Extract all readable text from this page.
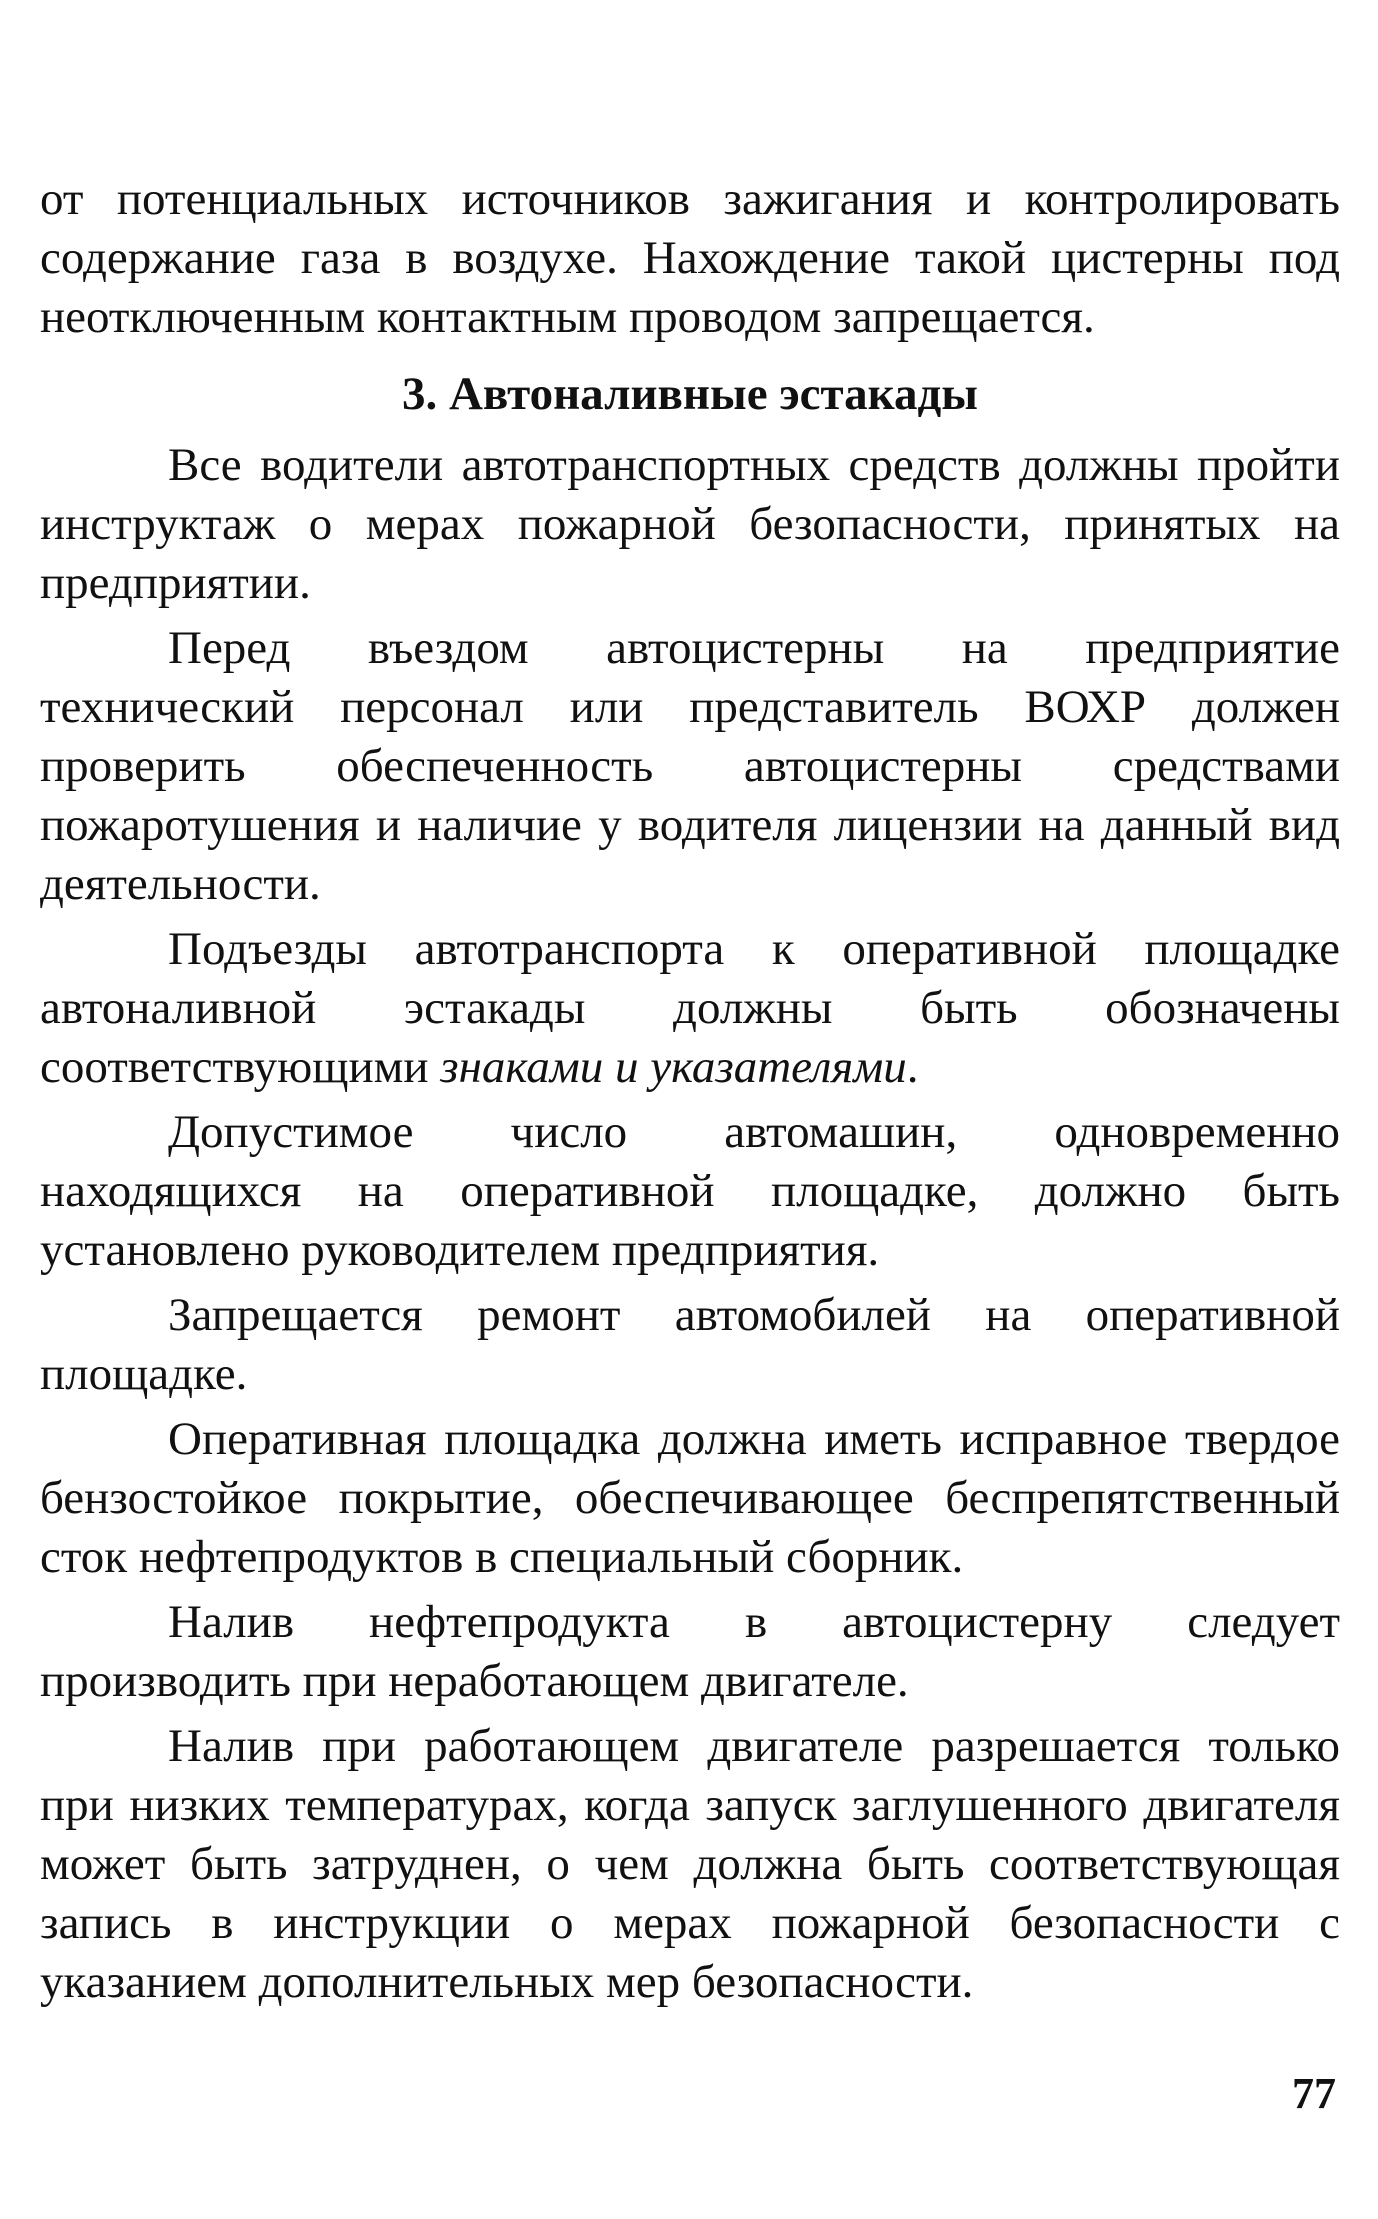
от потенциальных источников зажигания и контролировать содержание газа в воздухе. Нахождение такой цистерны под неотключенным контактным проводом запрещается.

3. Автоналивные эстакады

Все водители автотранспортных средств должны пройти инструктаж о мерах пожарной безопасности, принятых на предприятии.

Перед въездом автоцистерны на предприятие технический персонал или представитель ВОХР должен проверить обеспеченность автоцистерны средствами пожаротушения и наличие у водителя лицензии на данный вид деятельности.

Подъезды автотранспорта к оперативной площадке автоналивной эстакады должны быть обозначены соответствующими знаками и указателями.

Допустимое число автомашин, одновременно находящихся на оперативной площадке, должно быть установлено руководителем предприятия.

Запрещается ремонт автомобилей на оперативной площадке.

Оперативная площадка должна иметь исправное твердое бензостойкое покрытие, обеспечивающее беспрепятственный сток нефтепродуктов в специальный сборник.

Налив нефтепродукта в автоцистерну следует производить при неработающем двигателе.

Налив при работающем двигателе разрешается только при низких температурах, когда запуск заглушенного двигателя может быть затруднен, о чем должна быть соответствующая запись в инструкции о мерах пожарной безопасности с указанием дополнительных мер безопасности.

77
